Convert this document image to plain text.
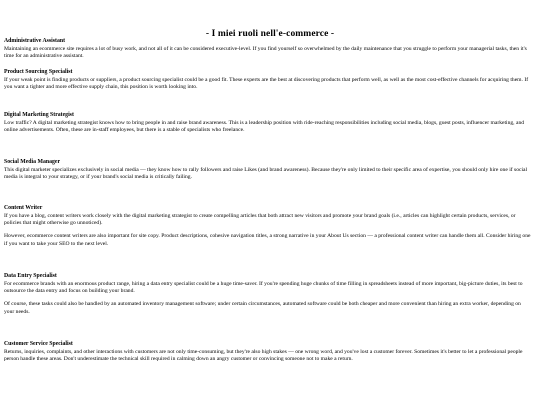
- I miei ruoli nell'e-commerce -
Administrative Assistant

Maintaining an ecommerce site requires a lot of busy work, and not all of it can be considered executive-level. If you find yourself so overwhelmed by the daily maintenance that you struggle to perform your managerial tasks, then it's time for an administrative assistant.

Product Sourcing Specialist

If your weak point is finding products or suppliers, a product sourcing specialist could be a good fit. These experts are the best at discovering products that perform well, as well as the most cost-effective channels for acquiring them. If you want a tighter and more effective supply chain, this position is worth looking into.

Digital Marketing Strategist

Low traffic? A digital marketing strategist knows how to bring people in and raise brand awareness. This is a leadership position with ride-reaching responsibilities including social media, blogs, guest posts, influencer marketing, and online advertisements. Often, these are in-staff employees, but there is a stable of specialists who freelance.

Social Media Manager

This digital marketer specializes exclusively in social media — they know how to rally followers and raise Likes (and brand awareness). Because they're only limited to their specific area of expertise, you should only hire one if social media is integral to your strategy, or if your brand's social media is critically failing.

Content Writer

If you have a blog, content writers work closely with the digital marketing strategist to create compelling articles that both attract new visitors and promote your brand goals (i.e., articles can highlight certain products, services, or policies that might otherwise go unnoticed).

However, ecommerce content writers are also important for site copy. Product descriptions, cohesive navigation titles, a strong narrative in your About Us section — a professional content writer can handle them all. Consider hiring one if you want to take your SEO to the next level.

Data Entry Specialist

For ecommerce brands with an enormous product range, hiring a data entry specialist could be a huge time-saver. If you're spending huge chunks of time filling in spreadsheets instead of more important, big-picture duties, its best to outsource the data entry and focus on building your brand.

Of course, these tasks could also be handled by an automated inventory management software; under certain circumstances, automated software could be both cheaper and more convenient than hiring an extra worker, depending on your needs.

Customer Service Specialist

Returns, inquiries, complaints, and other interactions with customers are not only time-consuming, but they're also high stakes — one wrong word, and you've lost a customer forever. Sometimes it's better to let a professional people person handle these areas. Don't underestimate the technical skill required in calming down an angry customer or convincing someone not to make a return.
